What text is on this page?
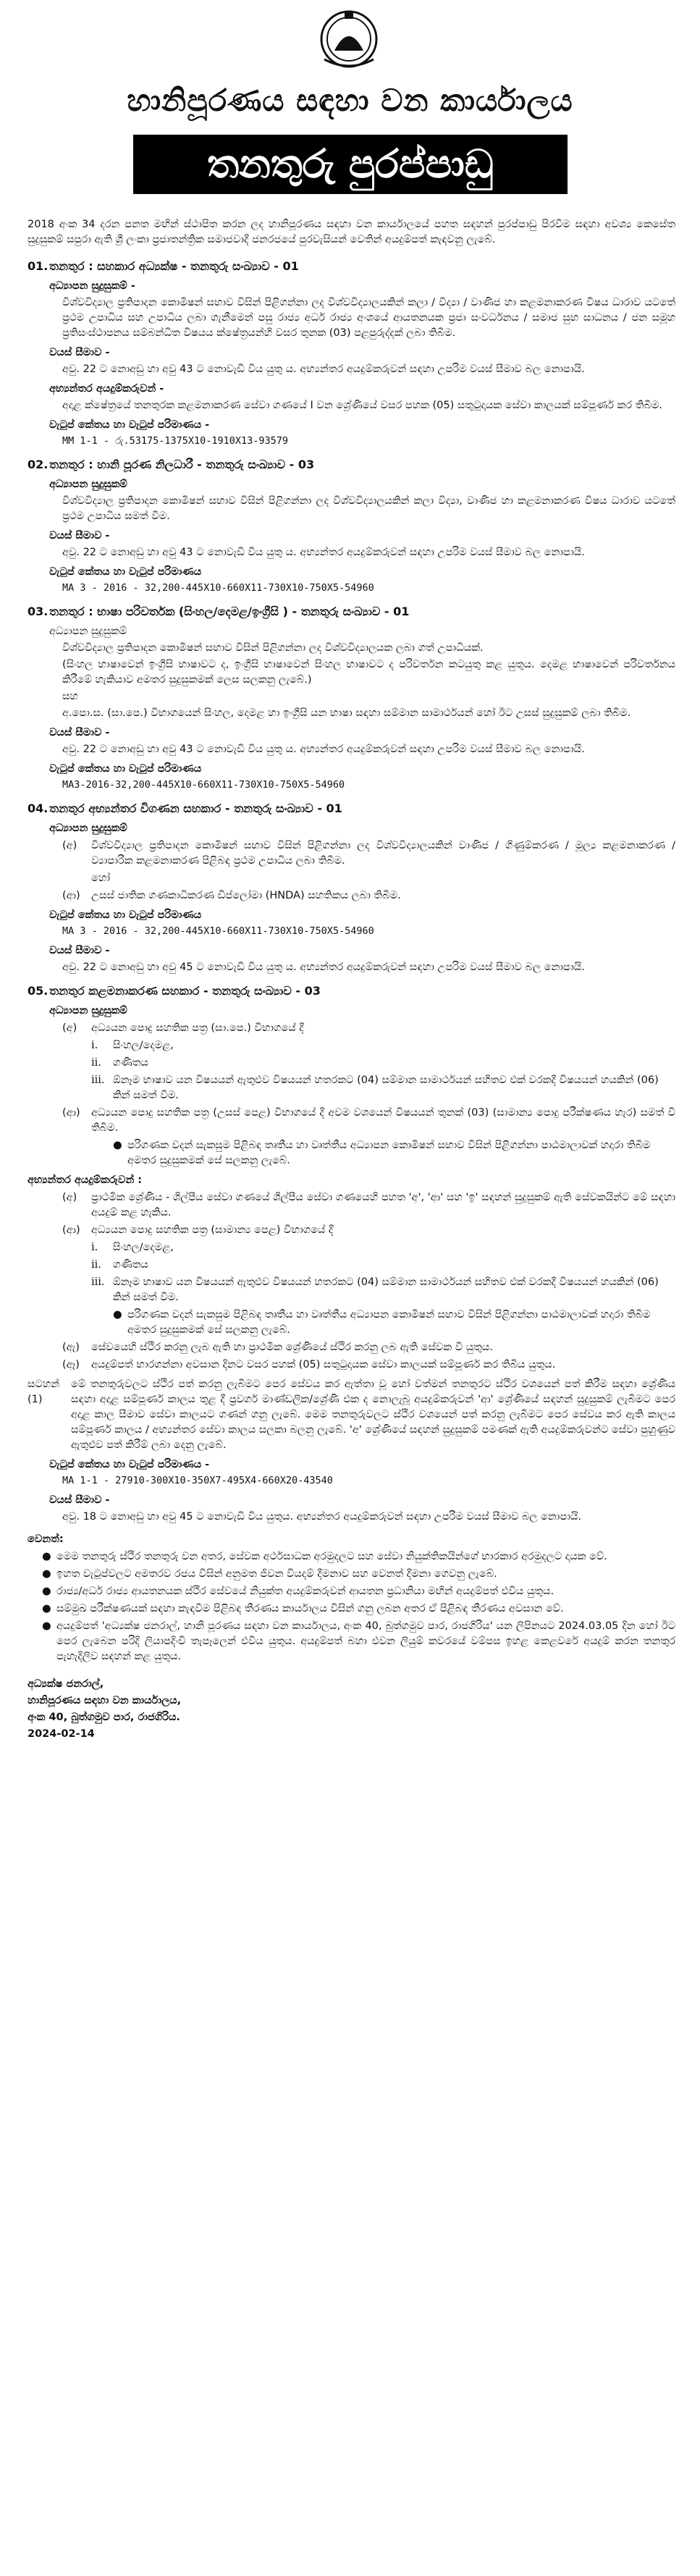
හානිපූරණය සඳහා වන කාර්යාලය
තනතුරු පුරප්පාඩු

2018 අංක 34 දරන පනත මඟින් ස්ථාපිත කරන ලද හානිපූරණය සඳහා වන කාර්යාලයේ පහත සඳහන් පුරප්පාඩු පිරවීම සඳහා අවශ්‍ය කෙසේත සුදුසුකම් සපුරා ඇති ශ්‍රී ලංකා ප්‍රජාතන්ත්‍රික සමාජවාදී ජනරජයේ පුරවැසියන් වෙතින් අයදුම්පත් කැඳවනු ලැබේ.

01. තනතුර : සහකාර අධ්‍යක්ෂ - තනතුරු සංඛ්‍යාව - 01
අධ්‍යාපන සුදුසුකම් -
විශ්වවිද්‍යාල ප්‍රතිපාදන කොමිෂන් සභාව විසින් පිළිගන්නා ලද විශ්වවිද්‍යාලයකින් කලා / විද්‍යා / වාණිජ හා කළමනාකරණ විෂය ධාරාව යටතේ ප්‍රථම උපාධිය සහ උපාධිය ලබා ගැනීමෙන් පසු රාජ්‍ය අර්ධ රාජ්‍ය අංශයේ ආයතනයක ප්‍රජා සංවර්ධනය / සමාජ සුභ සාධනය / ජන සමූහ ප්‍රතිසංස්ථාපනය සම්බන්ධිත විෂයය ක්ෂේත්‍රයන්හි වසර තුනක (03) පළපුරුද්දක් ලබා තිබීම.
වයස් සීමාව -
අවු. 22 ට නොඅඩු හා අවු 43 ට නොවැඩි විය යුතු ය. අභ්‍යන්තර අයදුම්කරුවන් සඳහා උපරිම වයස් සීමාව බල නොපායි.
අභ්‍යන්තර අයදුම්කරුවන් -
අදාළ ක්ෂේත්‍රයේ තනතුරක කළමනාකරණ සේවා ගණයේ I වන ශ්‍රේණියේ වසර පහක (05) සතුටුදායක සේවා කාලයක් සම්පූර්ණ කර තිබීම.
වැටුප් කේතය හා වැටුප් පරිමාණය -
MM 1-1 - රු.53175-1375X10-1910X13-93579
02. තනතුර : හානි පූරණ නිලධාරී - තනතුරු සංඛ්‍යාව - 03
අධ්‍යාපන සුදුසුකම්
විශ්වවිද්‍යාල ප්‍රතිපාදන කොමිෂන් සභාව විසින් පිළිගන්නා ලද විශ්වවිද්‍යාලයකින් කලා විද්‍යා, වාණිජ හා කළමනාකරණ විෂය ධාරාව යටතේ ප්‍රථම උපාධිය සමත් වීම.
වයස් සීමාව -
අවු. 22 ට නොඅඩු හා අවු 43 ට නොවැඩි විය යුතු ය. අභ්‍යන්තර අයදුම්කරුවන් සඳහා උපරිම වයස් සීමාව බල නොපායි.
වැටුප් කේතය හා වැටුප් පරිමාණය
MA 3 - 2016 - 32,200-445X10-660X11-730X10-750X5-54960
03. තනතුර : භාෂා පරිවර්තක (සිංහල/දෙමළ/ඉංග්‍රීසි ) - තනතුරු සංඛ්‍යාව - 01
අධ්‍යාපන සුදුසුකම්
විශ්වවිද්‍යාල ප්‍රතිපාදන කොමිෂන් සභාව විසින් පිළිගන්නා ලද විශ්වවිද්‍යාලයක ලබා ගත් උපාධියක්.
(සිංහල භාෂාවෙන් ඉංග්‍රීසි භාෂාවට ද, ඉංග්‍රීසි භාෂාවෙන් සිංහල භාෂාවට ද පරිවර්තන කටයුතු කළ යුතුය. දෙමළ භාෂාවෙන් පරිවර්තනය කිරීමේ හැකියාව අමතර සුදුසුකමක් ලෙස සලකනු ලැබේ.)
සහ
අ.පො.ස. (සා.පෙ.) විභාගයෙන් සිංහල, දෙමළ හා ඉංග්‍රීසි යන භාෂා සඳහා සම්මාන සාමාර්ථයන් හෝ ඊට උසස් සුදුසුකම් ලබා තිබීම.
වයස් සීමාව -
අවු. 22 ට නොඅඩු හා අවු 43 ට නොවැඩි විය යුතු ය. අභ්‍යන්තර අයදුම්කරුවන් සඳහා උපරිම වයස් සීමාව බල නොපායි.
වැටුප් කේතය හා වැටුප් පරිමාණය
MA3-2016-32,200-445X10-660X11-730X10-750X5-54960
04. තනතුර අභ්‍යන්තර විගණන සහකාර - තනතුරු සංඛ්‍යාව - 01
අධ්‍යාපන සුදුසුකම්
(අ)	විශ්වවිද්‍යාල ප්‍රතිපාදන කොමිෂන් සභාව විසින් පිළිගන්නා ලද විශ්වවිද්‍යාලයකින් වාණිජ / ගිණුම්කරණ / මූල්‍ය කළමනාකරණ / ව්‍යාපාරික කළමනාකරණ පිළිබඳ ප්‍රථම උපාධිය ලබා තිබීම.
හෝ
(ආ)	උසස් ජාතික ගණකාධිකරණ ඩිප්ලෝමා (HNDA) සහතිකය ලබා තිබීම.
වැටුප් කේතය හා වැටුප් පරිමාණය
MA 3 - 2016 - 32,200-445X10-660X11-730X10-750X5-54960
වයස් සීමාව -
අවු. 22 ට නොඅඩු හා අවු 45 ට නොවැඩි විය යුතු ය. අභ්‍යන්තර අයදුම්කරුවන් සඳහා උපරිම වයස් සීමාව බල නොපායි.
05. තනතුර කළමනාකරණ සහකාර - තනතුරු සංඛ්‍යාව - 03
අධ්‍යාපන සුදුසුකම්
(අ)	අධ්‍යයන පොදු සහතික පත්‍ර (සා.පෙ.) විභාගයේ දී
i.	සිංහල/දෙමළ,
ii.	ගණිතය
iii. ඕනෑම භාෂාව යන විෂයයන් ඇතුළුව විෂයයන් හතරකට (04) සම්මාන සාමාර්ථයන් සහිතව එක් වරකදී විෂයයන් හයකින් (06) කින් සමත් වීම.
(ආ)	අධ්‍යයන පොදු සහතික පත්‍ර (උසස් පෙළ) විභාගයේ දී අවම වශයෙන් විෂයයන් තුනක් (03) (සාමාන්‍ය පොදු පරීක්ෂණය හැර) සමත් වී තිබීම.
● පරිගණක වදන් සැකසුම පිළිබඳ තෘතීය හා වෘත්තීය අධ්‍යාපන කොමිෂන් සභාව විසින් පිළිගන්නා පාඨමාලාවක් හදාරා තිබීම අමතර සුදුසුකමක් සේ සලකනු ලැබේ.
අභ්‍යන්තර අයදුම්කරුවන් :
(අ)	ප්‍රාථමික ශ්‍රේණිය - ශිල්පීය සේවා ගණයේ ශිල්පීය සේවා ගණයෙහි පහත 'අ', 'ආ' සහ 'ඉ' සඳහන් සුදුසුකම් ඇති සේවකයින්ට මේ සඳහා අයදුම් කළ හැකිය.
(ආ)	අධ්‍යයන පොදු සහතික පත්‍ර (සාමාන්‍ය පෙළ) විභාගයේ දී
i.	සිංහල/දෙමළ,
ii.	ගණිතය
iii. ඕනෑම භාෂාව යන විෂයයන් ඇතුළුව විෂයයන් හතරකට (04) සම්මාන සාමාර්ථයන් සහිතව එක් වරකදී විෂයයන් හයකින් (06) කින් සමත් වීම.
● පරිගණක වදන් සැකසුම පිළිබඳ තෘතීය හා වෘත්තීය අධ්‍යාපන කොමිෂන් සභාව විසින් පිළිගන්නා පාඨමාලාවක් හදාරා තිබීම අමතර සුදුසුකමක් සේ සලකනු ලැබේ.
(ඇ)	සේවයෙහි ස්ථිර කරනු ලැබ ඇති හා ප්‍රාථමික ශ්‍රේණියේ ස්ථිර කරනු ලබ ඇති සේවක වී යුතුය.
(ඈ)	අයදුම්පත් භාරගන්නා අවසාන දිනට වසර පහක් (05) සතුටුදායක සේවා කාලයක් සම්පූර්ණ කර තිබිය යුතුය.
සටහන් (1)
මේ තනතුරුවලට ස්ථිර පත් කරනු ලැබීමට පෙර සේවය කර ඇත්තා වූ හෝ වත්මන් තනතුරට ස්ථිර වශයෙන් පත් කිරීම සඳහා ශ්‍රේණිය සඳහා අදාළ සම්පූර්ණ කාලය තුළ දී ප්‍රවර්ග මාණ්ඩලික/ශ්‍රේණි එක ද නොලැබූ අයදුම්කරුවන් 'ආ' ශ්‍රේණියේ සඳහන් සුදුසුකම් ලැබීමට පෙර අදාළ කාල සීමාව සේවා කාලයට ගණන් ගනු ලැබේ. මෙම තනතුරුවලට ස්ථිර වශයෙන් පත් කරනු ලැබීමට පෙර සේවය කර ඇති කාලය සම්පූර්ණ කාලය / අභ්‍යන්තර සේවා කාලය සලකා බලනු ලැබේ. 'අ' ශ්‍රේණියේ සඳහන් සුදුසුකම් පමණක් ඇති අයදුම්කරුවන්ට සේවා පුහුණුව ඇතුළුව පත් කිරීම් ලබා දෙනු ලැබේ.
වැටුප් කේතය හා වැටුප් පරිමාණය -
MA 1-1 - 27910-300X10-350X7-495X4-660X20-43540
වයස් සීමාව -
අවු. 18 ට නොඅඩු හා අවු 45 ට නොවැඩි විය යුතුය. අභ්‍යන්තර අයදුම්කරුවන් සඳහා උපරිම වයස් සීමාව බල නොපායි.
වෙනත්:
● මෙම තනතුරු ස්ථිර තනතුරු වන අතර, සේවක අර්ථසාධක අරමුදලට සහ සේවා නියුක්තිකයින්ගේ භාරකාර අරමුදලට දායක වේ.
● ඉහත වැටුප්වලට අමතරව රජය විසින් අනුමත ජීවන වියදම් දීමනාව සහ වෙනත් දීමනා ගෙවනු ලැබේ.
● රාජ්‍ය/අර්ධ රාජ්‍ය ආයතනයක ස්ථිර සේවයේ නියුක්ත අයදුම්කරුවන් ආයතන ප්‍රධානියා මඟින් අයදුම්පත් එවිය යුතුය.
● සම්මුඛ පරීක්ෂණයක් සඳහා කැඳවීම පිළිබඳ තීරණය කාර්යාලය විසින් ගනු ලබන අතර ඒ පිළිබඳ තීරණය අවසාන වේ.
● අයදුම්පත් 'අධ්‍යක්ෂ ජනරාල්, හානි පූරණය සඳහා වන කාර්යාලය, අංක 40, බුත්ගමුව පාර, රාජගිරිය' යන ලිපිනයට 2024.03.05 දින හෝ ඊට පෙර ලැබෙන පරිදි ලියාපදිංචි තැපෑලෙන් එවිය යුතුය. අයදුම්පත් බහා එවන ලියුම් කවරයේ වම්පස ඉහළ කෙළවරේ අයදුම් කරන තනතුර පැහැදිලිව සඳහන් කළ යුතුය.
අධ්‍යක්ෂ ජනරාල්,
හානිපූරණය සඳහා වන කාර්යාලය,
අංක 40, බුත්ගමුව පාර, රාජගිරිය.
2024-02-14
